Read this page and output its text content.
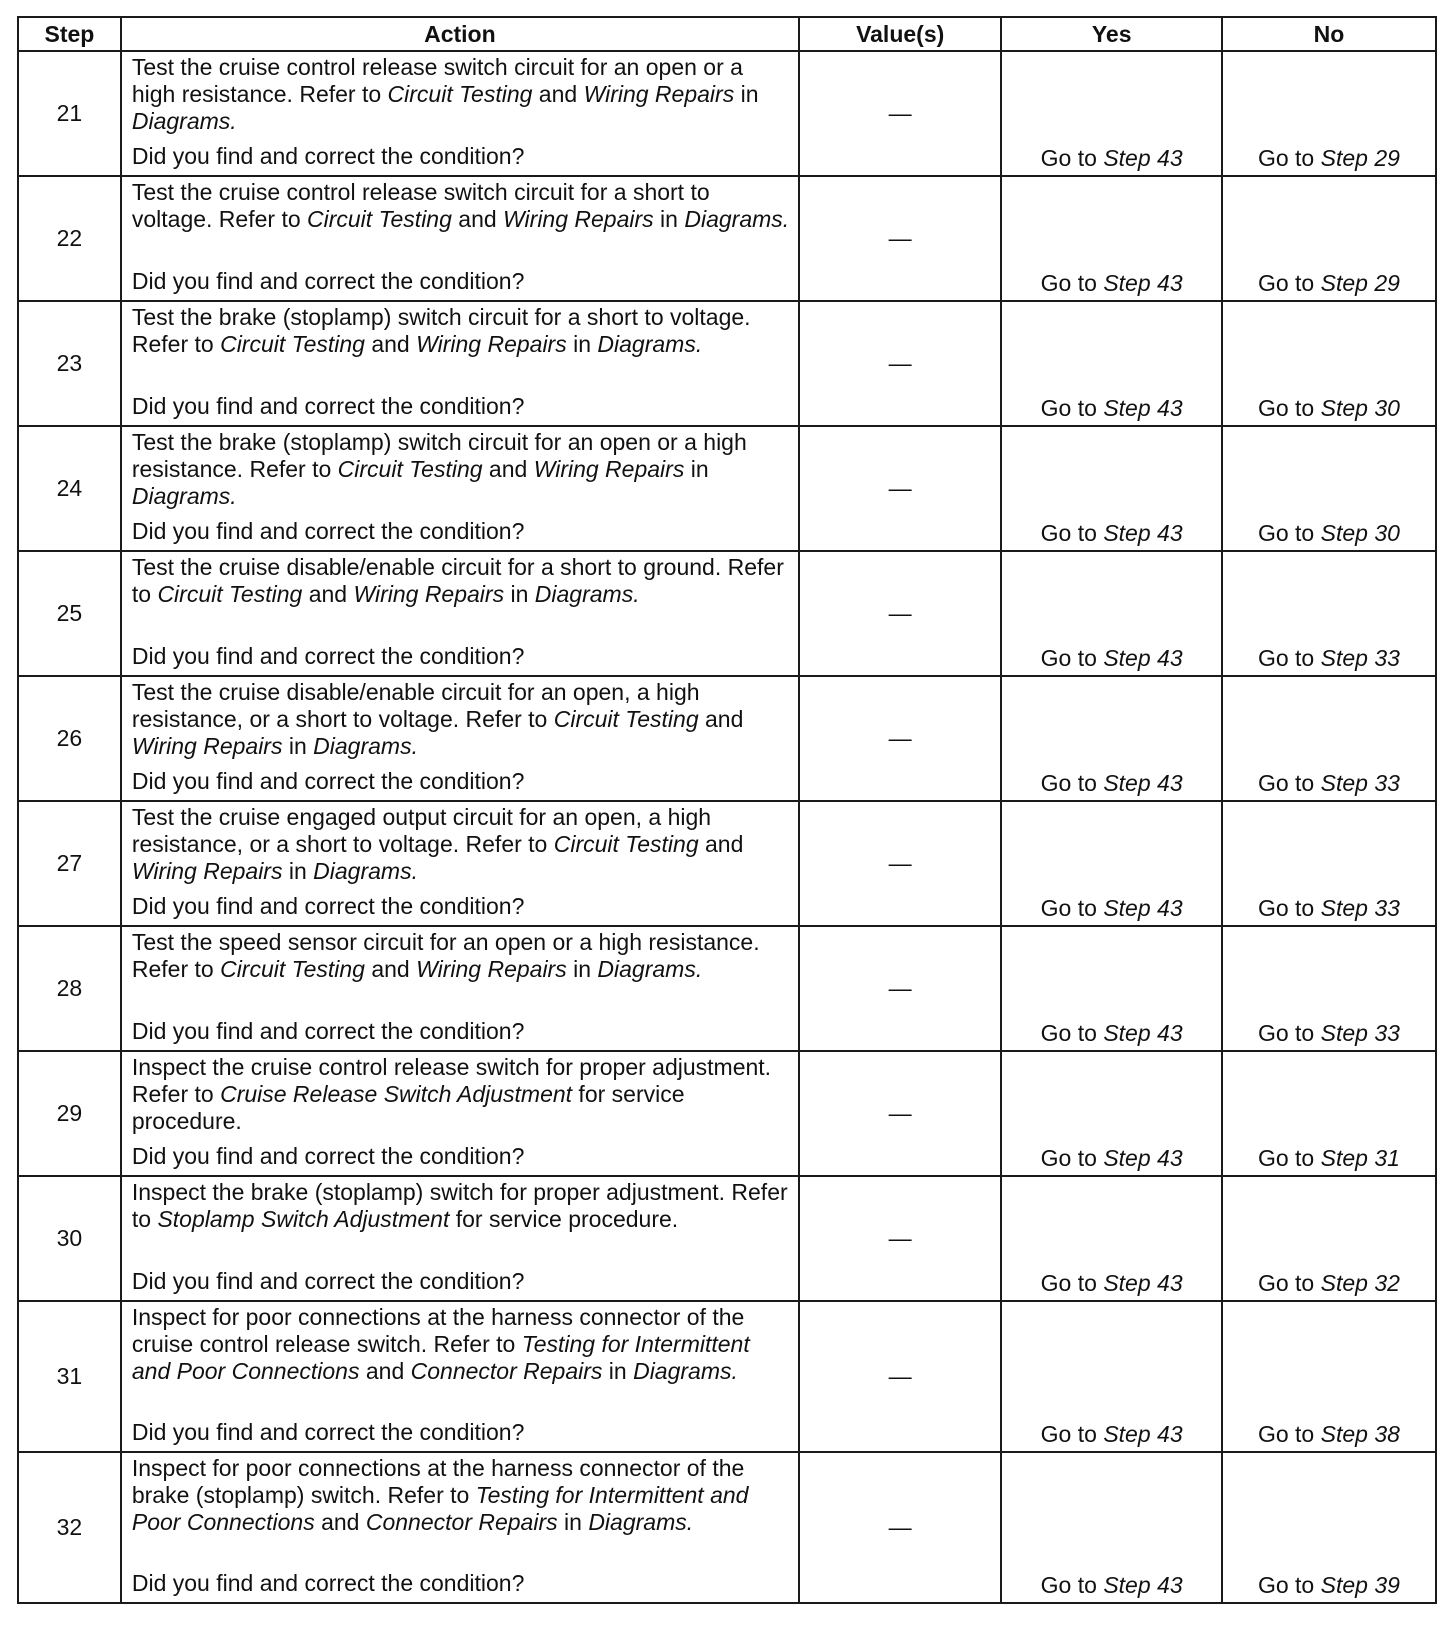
Step	Action	Value(s)	Yes	No
21	Test the cruise control release switch circuit for an open or a high resistance. Refer to Circuit Testing and Wiring Repairs in Diagrams.
Did you find and correct the condition?	—	Go to Step 43	Go to Step 29
22	Test the cruise control release switch circuit for a short to voltage. Refer to Circuit Testing and Wiring Repairs in Diagrams.
Did you find and correct the condition?	—	Go to Step 43	Go to Step 29
23	Test the brake (stoplamp) switch circuit for a short to voltage. Refer to Circuit Testing and Wiring Repairs in Diagrams.
Did you find and correct the condition?	—	Go to Step 43	Go to Step 30
24	Test the brake (stoplamp) switch circuit for an open or a high resistance. Refer to Circuit Testing and Wiring Repairs in Diagrams.
Did you find and correct the condition?	—	Go to Step 43	Go to Step 30
25	Test the cruise disable/enable circuit for a short to ground. Refer to Circuit Testing and Wiring Repairs in Diagrams.
Did you find and correct the condition?	—	Go to Step 43	Go to Step 33
26	Test the cruise disable/enable circuit for an open, a high resistance, or a short to voltage. Refer to Circuit Testing and Wiring Repairs in Diagrams.
Did you find and correct the condition?	—	Go to Step 43	Go to Step 33
27	Test the cruise engaged output circuit for an open, a high resistance, or a short to voltage. Refer to Circuit Testing and Wiring Repairs in Diagrams.
Did you find and correct the condition?	—	Go to Step 43	Go to Step 33
28	Test the speed sensor circuit for an open or a high resistance. Refer to Circuit Testing and Wiring Repairs in Diagrams.
Did you find and correct the condition?	—	Go to Step 43	Go to Step 33
29	Inspect the cruise control release switch for proper adjustment. Refer to Cruise Release Switch Adjustment for service procedure.
Did you find and correct the condition?	—	Go to Step 43	Go to Step 31
30	Inspect the brake (stoplamp) switch for proper adjustment. Refer to Stoplamp Switch Adjustment for service procedure.
Did you find and correct the condition?	—	Go to Step 43	Go to Step 32
31	Inspect for poor connections at the harness connector of the cruise control release switch. Refer to Testing for Intermittent and Poor Connections and Connector Repairs in Diagrams.
Did you find and correct the condition?	—	Go to Step 43	Go to Step 38
32	Inspect for poor connections at the harness connector of the brake (stoplamp) switch. Refer to Testing for Intermittent and Poor Connections and Connector Repairs in Diagrams.
Did you find and correct the condition?	—	Go to Step 43	Go to Step 39
